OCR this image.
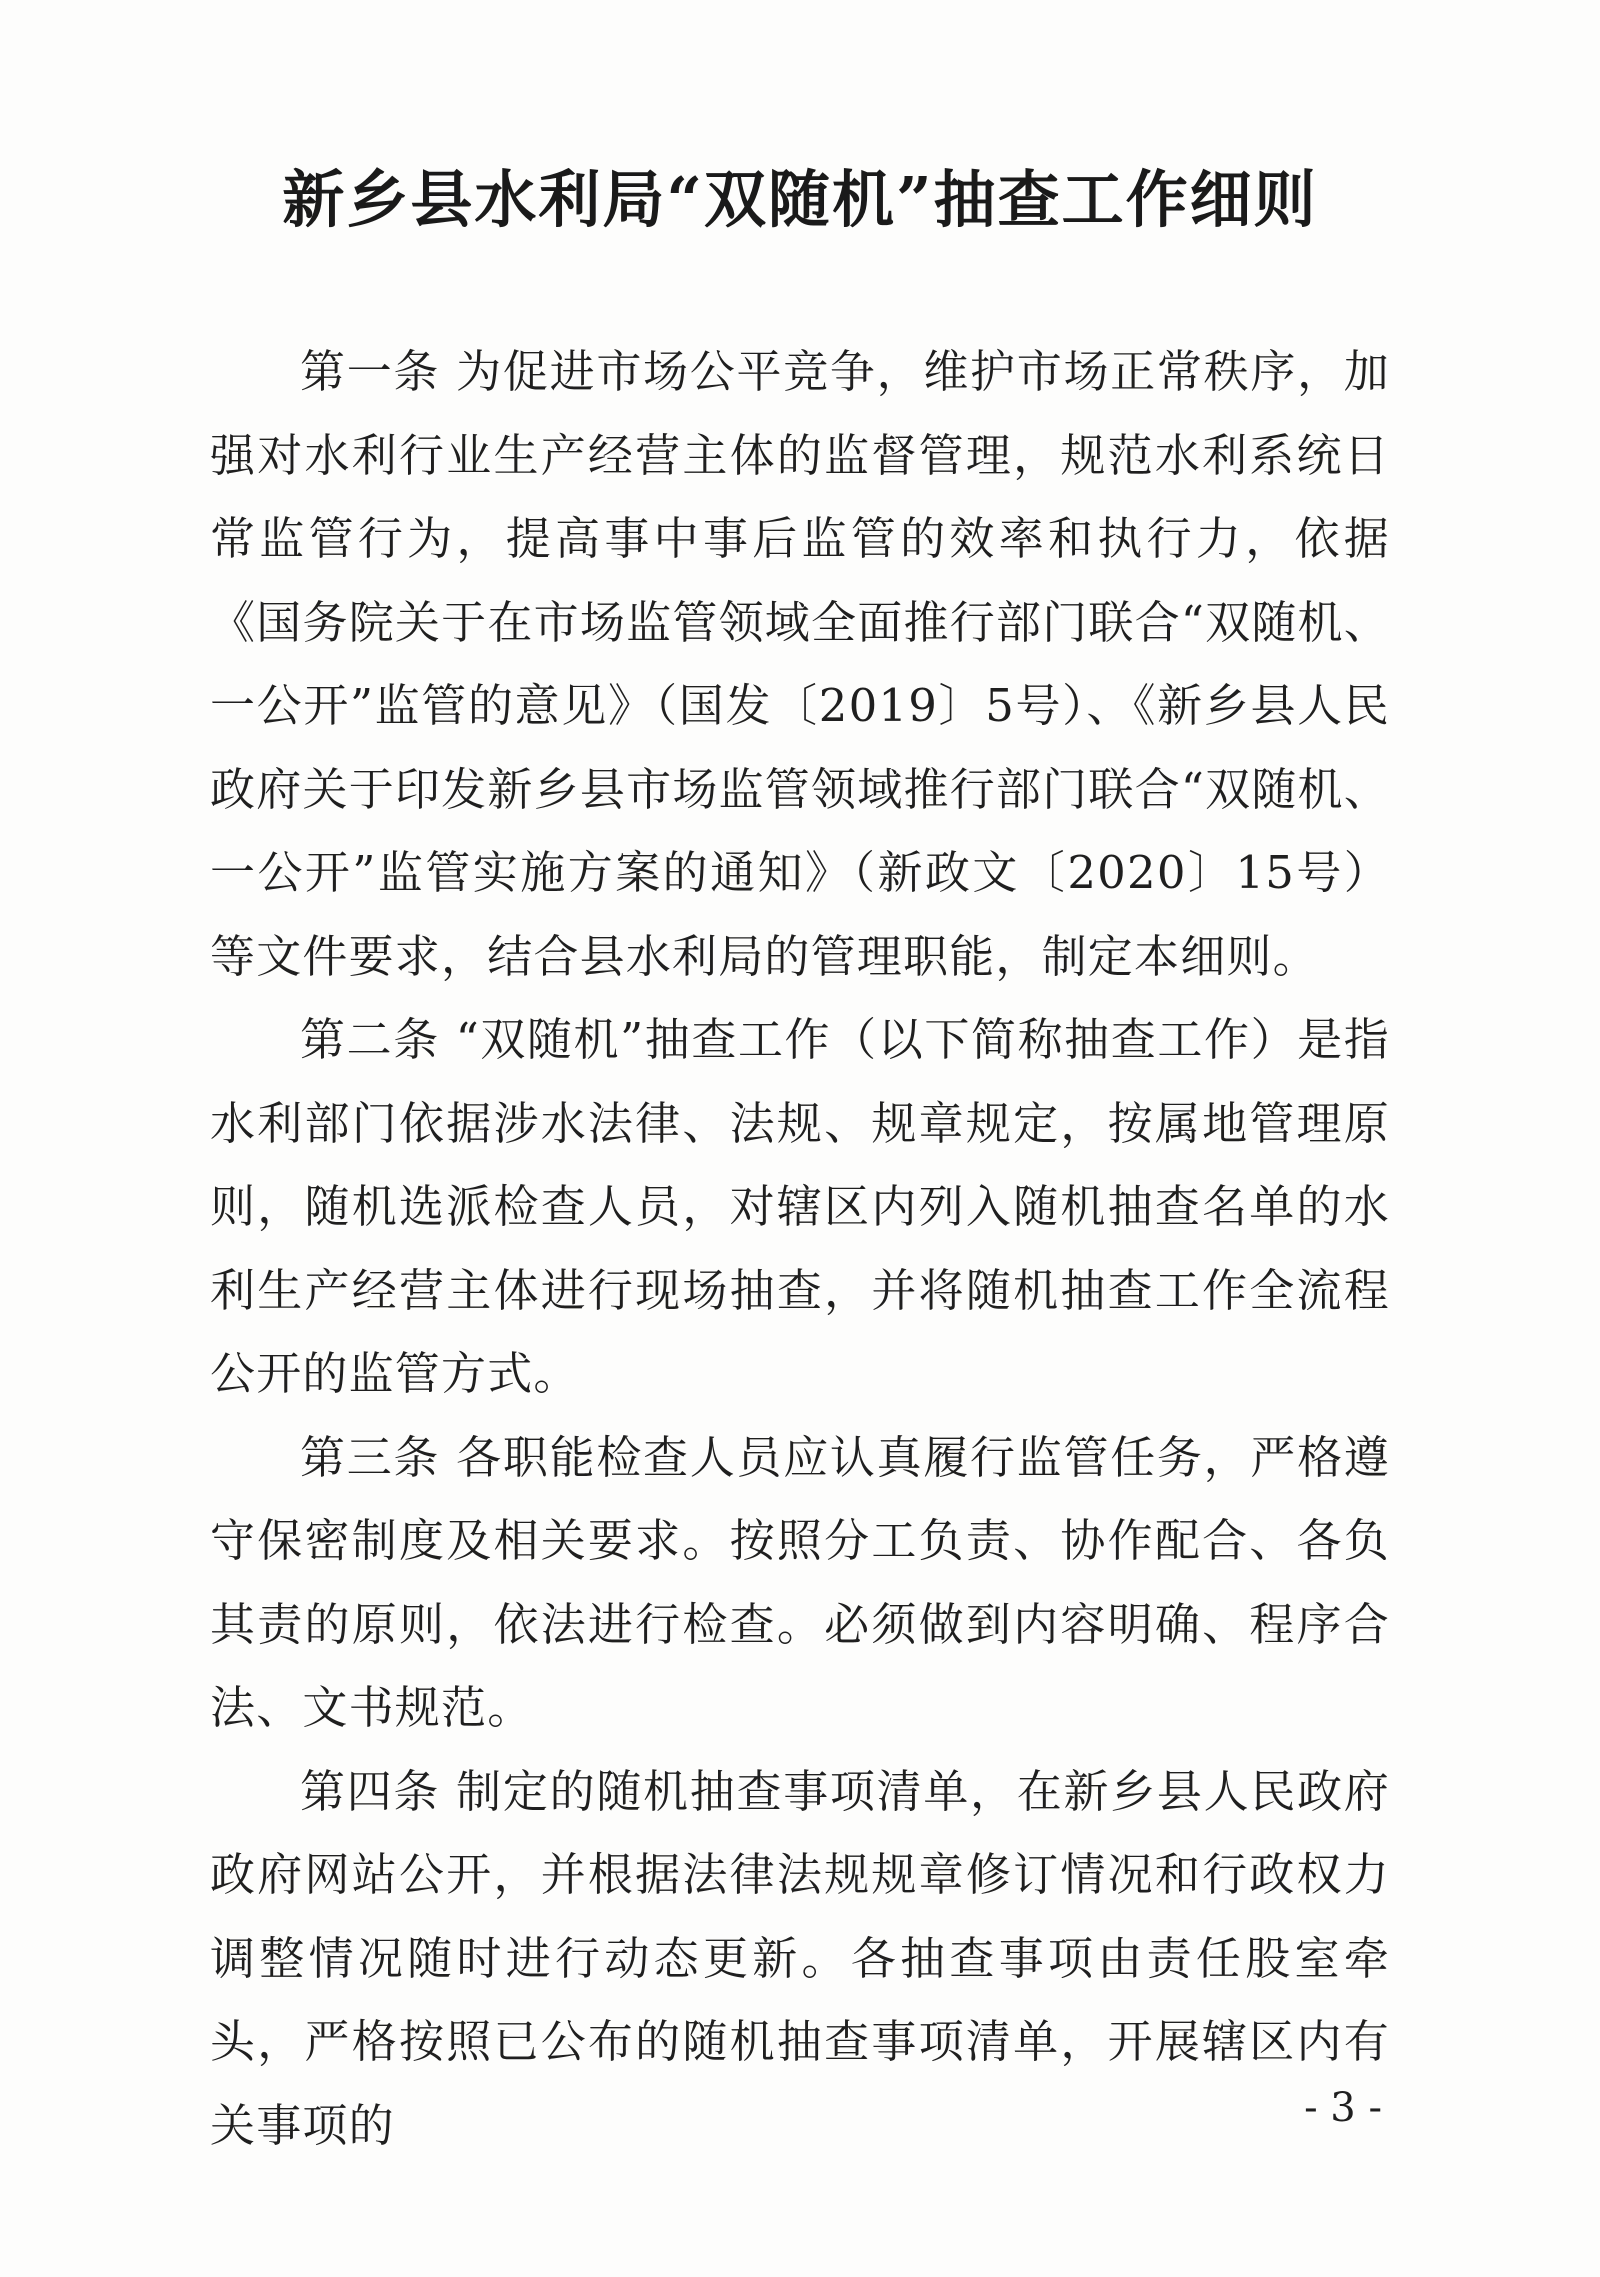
新乡县水利局“双随机”抽查工作细则

第一条 为促进市场公平竞争，维护市场正常秩序，加强对水利行业生产经营主体的监督管理，规范水利系统日常监管行为，提高事中事后监管的效率和执行力，依据《国务院关于在市场监管领域全面推行部门联合“双随机、一公开”监管的意见》（国发〔2019〕5号）、《新乡县人民政府关于印发新乡县市场监管领域推行部门联合“双随机、一公开”监管实施方案的通知》（新政文〔2020〕15号）等文件要求，结合县水利局的管理职能，制定本细则。

第二条 “双随机”抽查工作（以下简称抽查工作）是指水利部门依据涉水法律、法规、规章规定，按属地管理原则，随机选派检查人员，对辖区内列入随机抽查名单的水利生产经营主体进行现场抽查，并将随机抽查工作全流程公开的监管方式。

第三条 各职能检查人员应认真履行监管任务，严格遵守保密制度及相关要求。按照分工负责、协作配合、各负其责的原则，依法进行检查。必须做到内容明确、程序合法、文书规范。

第四条 制定的随机抽查事项清单，在新乡县人民政府政府网站公开，并根据法律法规规章修订情况和行政权力调整情况随时进行动态更新。各抽查事项由责任股室牵头，严格按照已公布的随机抽查事项清单，开展辖区内有关事项的	- 3 -
